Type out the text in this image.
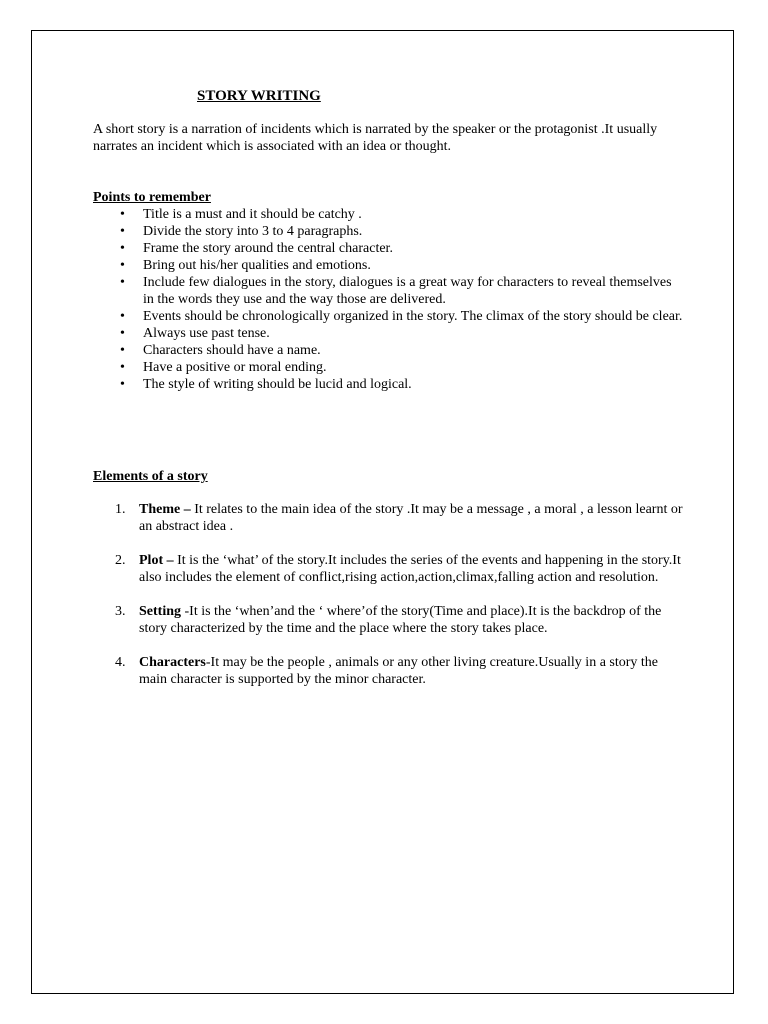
STORY WRITING

A short story is a narration of incidents which is narrated by the speaker or the protagonist .It usually narrates an incident which is associated with an idea or thought.

Points to remember
• Title is a must and it should be catchy .
• Divide the story into 3 to 4 paragraphs.
• Frame the story around the central character.
• Bring out his/her qualities and emotions.
• Include few dialogues in the story, dialogues is a great way for characters to reveal themselves in the words they use and the way those are delivered.
• Events should be chronologically organized in the story. The climax of the story should be clear.
• Always use past tense.
• Characters should have a name.
• Have a positive or moral ending.
• The style of writing should be lucid and logical.
Elements of a story
1. Theme – It relates to the main idea of the story .It may be a message , a moral , a lesson learnt or an abstract idea .
2. Plot – It is the ‘what’ of the story.It includes the series of the events and happening in the story.It also includes the element of conflict,rising action,action,climax,falling action and resolution.
3. Setting -It is the ‘when’and the ‘ where’of the story(Time and place).It is the backdrop of the story characterized by the time and the place where the story takes place.
4. Characters-It may be the people , animals or any other living creature.Usually in a story the main character is supported by the minor character.
